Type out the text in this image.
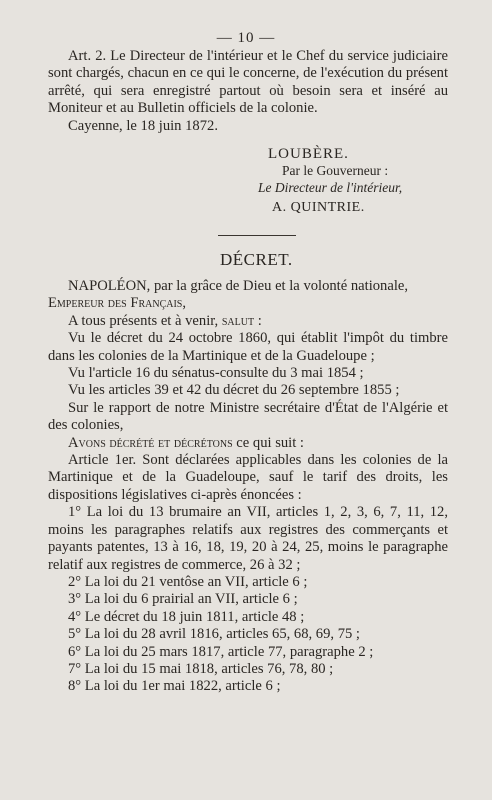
— 10 —

Art. 2. Le Directeur de l'intérieur et le Chef du service judiciaire sont chargés, chacun en ce qui le concerne, de l'exécution du présent arrêté, qui sera enregistré partout où besoin sera et inséré au Moniteur et au Bulletin officiels de la colonie.

Cayenne, le 18 juin 1872.

LOUBÈRE.
Par le Gouverneur :
Le Directeur de l'intérieur,
A. QUINTRIE.
DÉCRET.

NAPOLÉON, par la grâce de Dieu et la volonté nationale,
Empereur des Français,

A tous présents et à venir, salut :

Vu le décret du 24 octobre 1860, qui établit l'impôt du timbre dans les colonies de la Martinique et de la Guadeloupe ;

Vu l'article 16 du sénatus-consulte du 3 mai 1854 ;

Vu les articles 39 et 42 du décret du 26 septembre 1855 ;

Sur le rapport de notre Ministre secrétaire d'État de l'Algérie et des colonies,

Avons décrété et décrétons ce qui suit :

Article 1er. Sont déclarées applicables dans les colonies de la Martinique et de la Guadeloupe, sauf le tarif des droits, les dispositions législatives ci-après énoncées :

1° La loi du 13 brumaire an VII, articles 1, 2, 3, 6, 7, 11, 12, moins les paragraphes relatifs aux registres des commerçants et payants patentes, 13 à 16, 18, 19, 20 à 24, 25, moins le paragraphe relatif aux registres de commerce, 26 à 32 ;

2° La loi du 21 ventôse an VII, article 6 ;

3° La loi du 6 prairial an VII, article 6 ;

4° Le décret du 18 juin 1811, article 48 ;

5° La loi du 28 avril 1816, articles 65, 68, 69, 75 ;

6° La loi du 25 mars 1817, article 77, paragraphe 2 ;

7° La loi du 15 mai 1818, articles 76, 78, 80 ;

8° La loi du 1er mai 1822, article 6 ;
